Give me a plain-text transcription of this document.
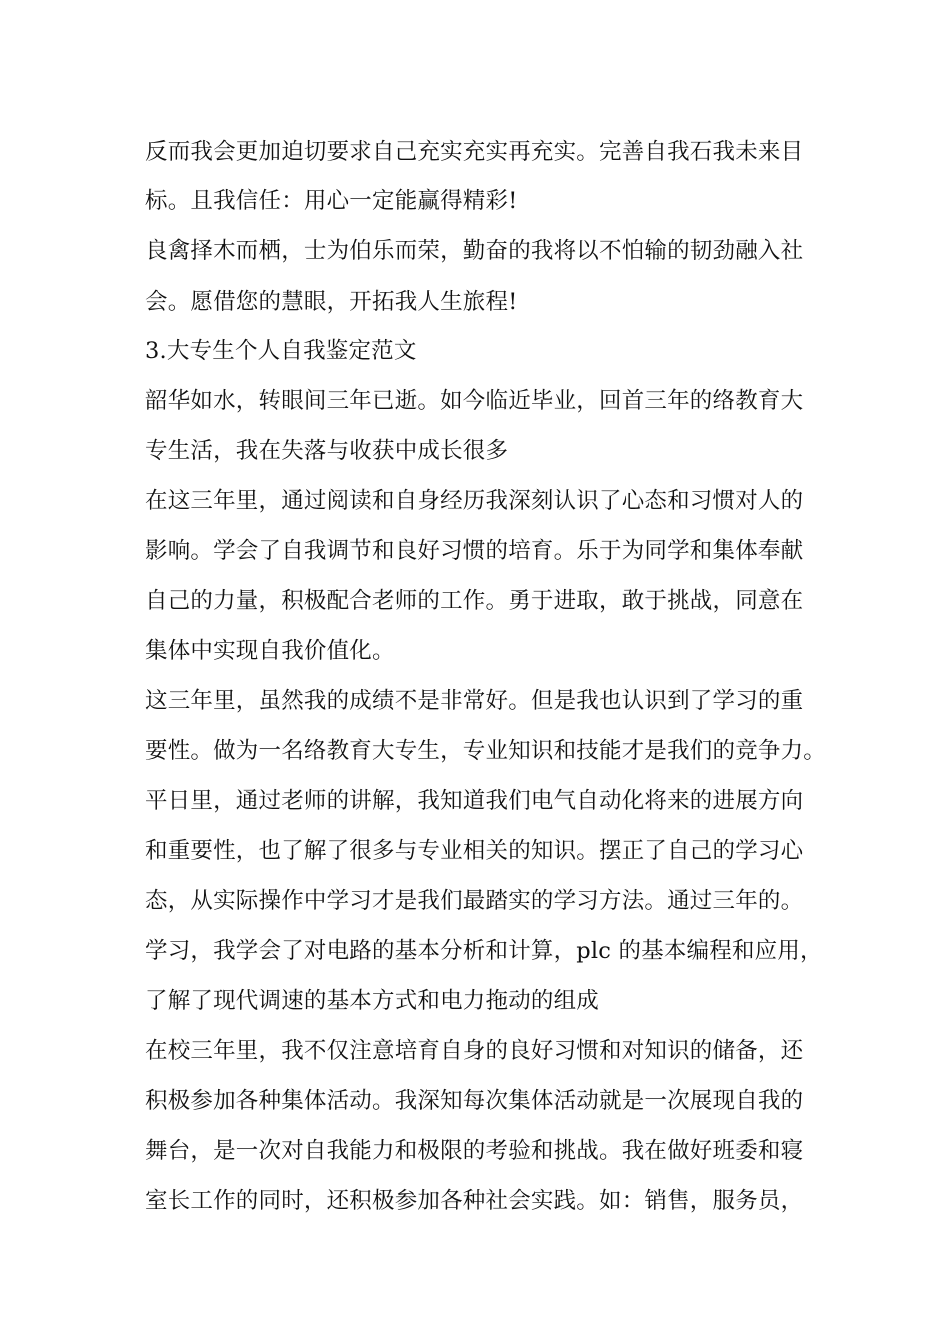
反而我会更加迫切要求自己充实充实再充实。完善自我石我未来目
标。且我信任：用心一定能赢得精彩!
良禽择木而栖，士为伯乐而荣，勤奋的我将以不怕输的韧劲融入社
会。愿借您的慧眼，开拓我人生旅程!
3.大专生个人自我鉴定范文
韶华如水，转眼间三年已逝。如今临近毕业，回首三年的络教育大
专生活，我在失落与收获中成长很多
在这三年里，通过阅读和自身经历我深刻认识了心态和习惯对人的
影响。学会了自我调节和良好习惯的培育。乐于为同学和集体奉献
自己的力量，积极配合老师的工作。勇于进取，敢于挑战，同意在
集体中实现自我价值化。
这三年里，虽然我的成绩不是非常好。但是我也认识到了学习的重
要性。做为一名络教育大专生，专业知识和技能才是我们的竞争力。
平日里，通过老师的讲解，我知道我们电气自动化将来的进展方向
和重要性，也了解了很多与专业相关的知识。摆正了自己的学习心
态，从实际操作中学习才是我们最踏实的学习方法。通过三年的。
学习，我学会了对电路的基本分析和计算，plc 的基本编程和应用，
了解了现代调速的基本方式和电力拖动的组成
在校三年里，我不仅注意培育自身的良好习惯和对知识的储备，还
积极参加各种集体活动。我深知每次集体活动就是一次展现自我的
舞台，是一次对自我能力和极限的考验和挑战。我在做好班委和寝
室长工作的同时，还积极参加各种社会实践。如：销售，服务员，
